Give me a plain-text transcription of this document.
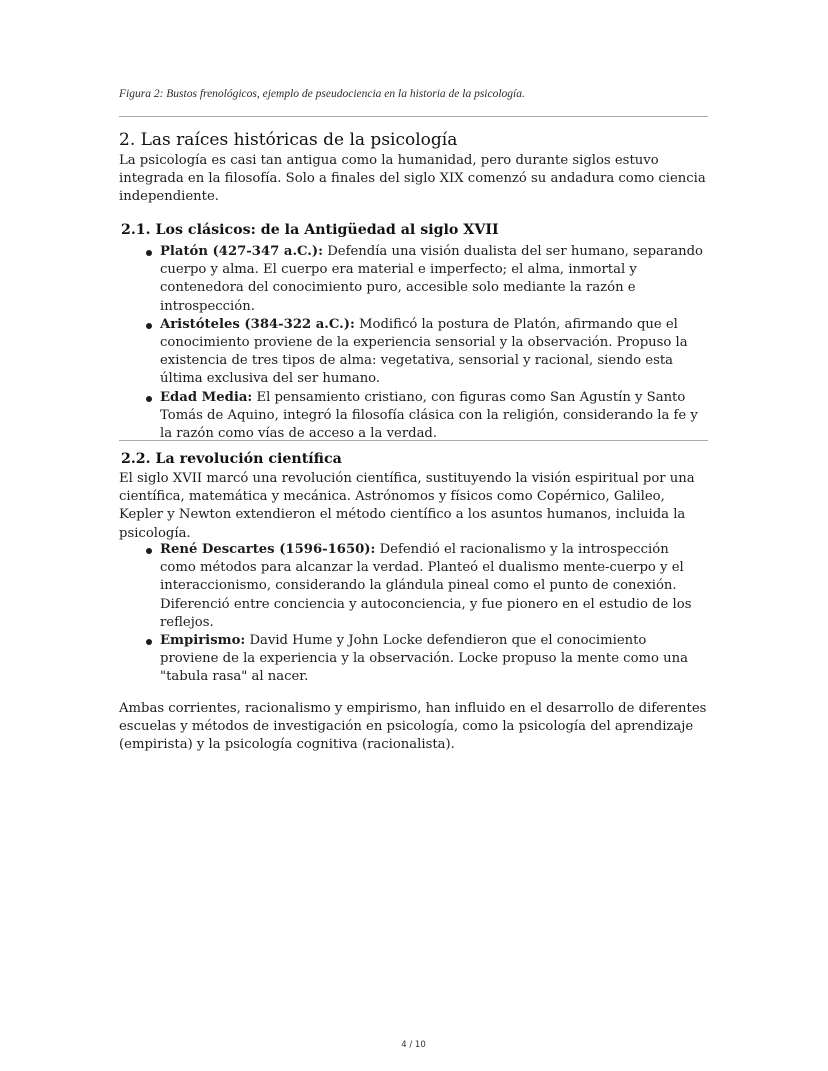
Figura 2: Bustos frenológicos, ejemplo de pseudociencia en la historia de la psicología.
2. Las raíces históricas de la psicología

La psicología es casi tan antigua como la humanidad, pero durante siglos estuvo integrada en la filosofía. Solo a finales del siglo XIX comenzó su andadura como ciencia independiente.

2.1. Los clásicos: de la Antigüedad al siglo XVII
Platón (427-347 a.C.): Defendía una visión dualista del ser humano, separando cuerpo y alma. El cuerpo era material e imperfecto; el alma, inmortal y contenedora del conocimiento puro, accesible solo mediante la razón e introspección.
Aristóteles (384-322 a.C.): Modificó la postura de Platón, afirmando que el conocimiento proviene de la experiencia sensorial y la observación. Propuso la existencia de tres tipos de alma: vegetativa, sensorial y racional, siendo esta última exclusiva del ser humano.
Edad Media: El pensamiento cristiano, con figuras como San Agustín y Santo Tomás de Aquino, integró la filosofía clásica con la religión, considerando la fe y la razón como vías de acceso a la verdad.
2.2. La revolución científica

El siglo XVII marcó una revolución científica, sustituyendo la visión espiritual por una científica, matemática y mecánica. Astrónomos y físicos como Copérnico, Galileo, Kepler y Newton extendieron el método científico a los asuntos humanos, incluida la psicología.

René Descartes (1596-1650): Defendió el racionalismo y la introspección como métodos para alcanzar la verdad. Planteó el dualismo mente-cuerpo y el interaccionismo, considerando la glándula pineal como el punto de conexión. Diferenció entre conciencia y autoconciencia, y fue pionero en el estudio de los reflejos.
Empirismo: David Hume y John Locke defendieron que el conocimiento proviene de la experiencia y la observación. Locke propuso la mente como una "tabula rasa" al nacer.

Ambas corrientes, racionalismo y empirismo, han influido en el desarrollo de diferentes escuelas y métodos de investigación en psicología, como la psicología del aprendizaje (empirista) y la psicología cognitiva (racionalista).

4 / 10
